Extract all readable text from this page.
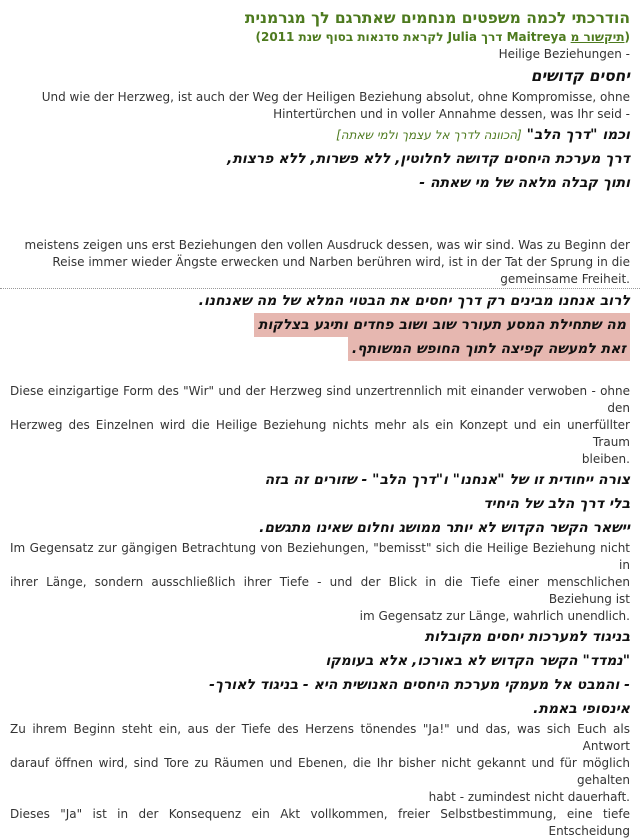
הודרכתי לכמה משפטים מנחמים שאתרגם לך מגרמנית
(תיקשור מ Maitreya דרך Julia לקראת סדנאות בסוף שנת 2011)
- Heilige Beziehungen
יחסים קדושים
Und wie der Herzweg, ist auch der Weg der Heiligen Beziehung absolut, ohne Kompromisse, ohne
- Hintertürchen und in voller Annahme dessen, was Ihr seid
וכמו "דרך הלב" [הכוונה לדרך אל עצמך ולמי שאתה]
דרך מערכת היחסים קדושה לחלוטין, ללא פשרות, ללא פרצות,
ותוך קבלה מלאה של מי שאתה -
meistens zeigen uns erst Beziehungen den vollen Ausdruck dessen, was wir sind. Was zu Beginn der
Reise immer wieder Ängste erwecken und Narben berühren wird, ist in der Tat der Sprung in die
.gemeinsame Freiheit
לרוב אנחנו מבינים רק דרך יחסים את הבטוי המלא של מה שאנחנו.
מה שתחילת המסע תעורר שוב ושוב פחדים ותיגע בצלקות
זאת למעשה קפיצה לתוך החופש המשותף.
Diese einzigartige Form des "Wir" und der Herzweg sind unzertrennlich mit einander verwoben - ohne den
Herzweg des Einzelnen wird die Heilige Beziehung nichts mehr als ein Konzept und ein unerfüllter Traum
.bleiben
צורה ייחודית זו של "אנחנו" ו"דרך הלב" - שזורים זה בזה
בלי דרך הלב של היחיד
יישאר הקשר הקדוש לא יותר ממושג וחלום שאינו מתגשם.
Im Gegensatz zur gängigen Betrachtung von Beziehungen, "bemisst" sich die Heilige Beziehung nicht in
ihrer Länge, sondern ausschließlich ihrer Tiefe - und der Blick in die Tiefe einer menschlichen Beziehung ist
.im Gegensatz zur Länge, wahrlich unendlich
בניגוד למערכות יחסים מקובלות
"נמדד" הקשר הקדוש לא באורכו, אלא בעומקו
- והמבט אל מעמקי מערכת היחסים האנושית היא - בניגוד לאורך-
אינסופי באמת.
Zu ihrem Beginn steht ein, aus der Tiefe des Herzens tönendes "Ja!" und das, was sich Euch als Antwort
darauf öffnen wird, sind Tore zu Räumen und Ebenen, die Ihr bisher nicht gekannt und für möglich gehalten
.habt - zumindest nicht dauerhaft
Dieses "Ja" ist in der Konsequenz ein Akt vollkommen, freier Selbstbestimmung, eine tiefe Entscheidung
